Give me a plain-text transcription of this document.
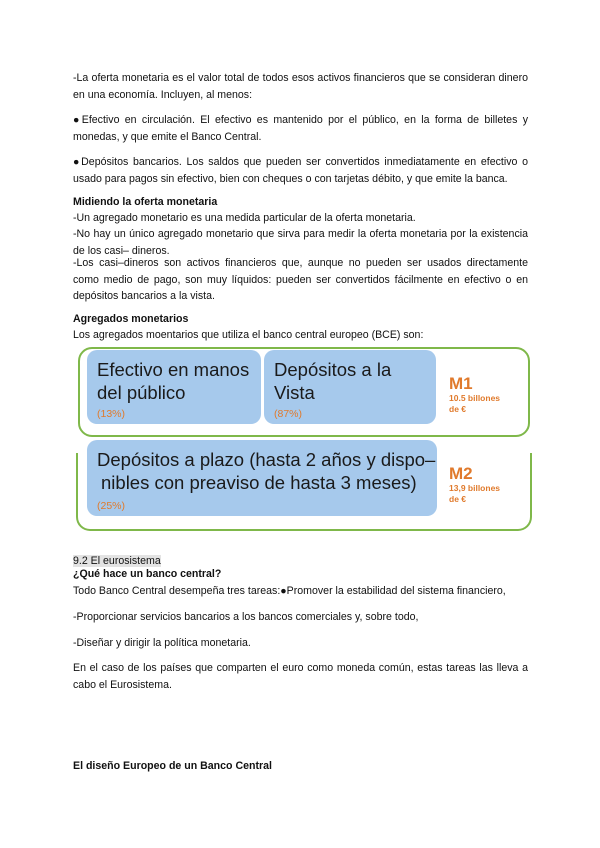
-La oferta monetaria es el valor total de todos esos activos financieros que se consideran dinero en una economía. Incluyen, al menos:

●Efectivo en circulación. El efectivo es mantenido por el público, en la forma de billetes y monedas, y que emite el Banco Central.

●Depósitos bancarios. Los saldos que pueden ser convertidos inmediatamente en efectivo o usado para pagos sin efectivo, bien con cheques o con tarjetas débito, y que emite la banca.

Midiendo la oferta monetaria

-Un agregado monetario es una medida particular de la oferta monetaria.

-No hay un único agregado monetario que sirva para medir la oferta monetaria por la existencia de los casi– dineros.

-Los casi–dineros son activos financieros que, aunque no pueden ser usados directamente como medio de pago, son muy líquidos: pueden ser convertidos fácilmente en efectivo o en depósitos bancarios a la vista.

Agregados monetarios

Los agregados moentarios que utiliza el banco central europeo (BCE) son:

Efectivo en manos
del público
(13%)
Depósitos a la
Vista
(87%)
M1
10.5 billones
de €
Depósitos a plazo (hasta 2 años y dispo–
nibles con preaviso de hasta 3 meses)
(25%)
M2
13,9 billones
de €

9.2 El eurosistema

¿Qué hace un banco central?

Todo Banco Central desempeña tres tareas:●Promover la estabilidad del sistema financiero,

-Proporcionar servicios bancarios a los bancos comerciales y, sobre todo,

-Diseñar y dirigir la política monetaria.

En el caso de los países que comparten el euro como moneda común, estas tareas las lleva a cabo el Eurosistema.

El diseño Europeo de un Banco Central
